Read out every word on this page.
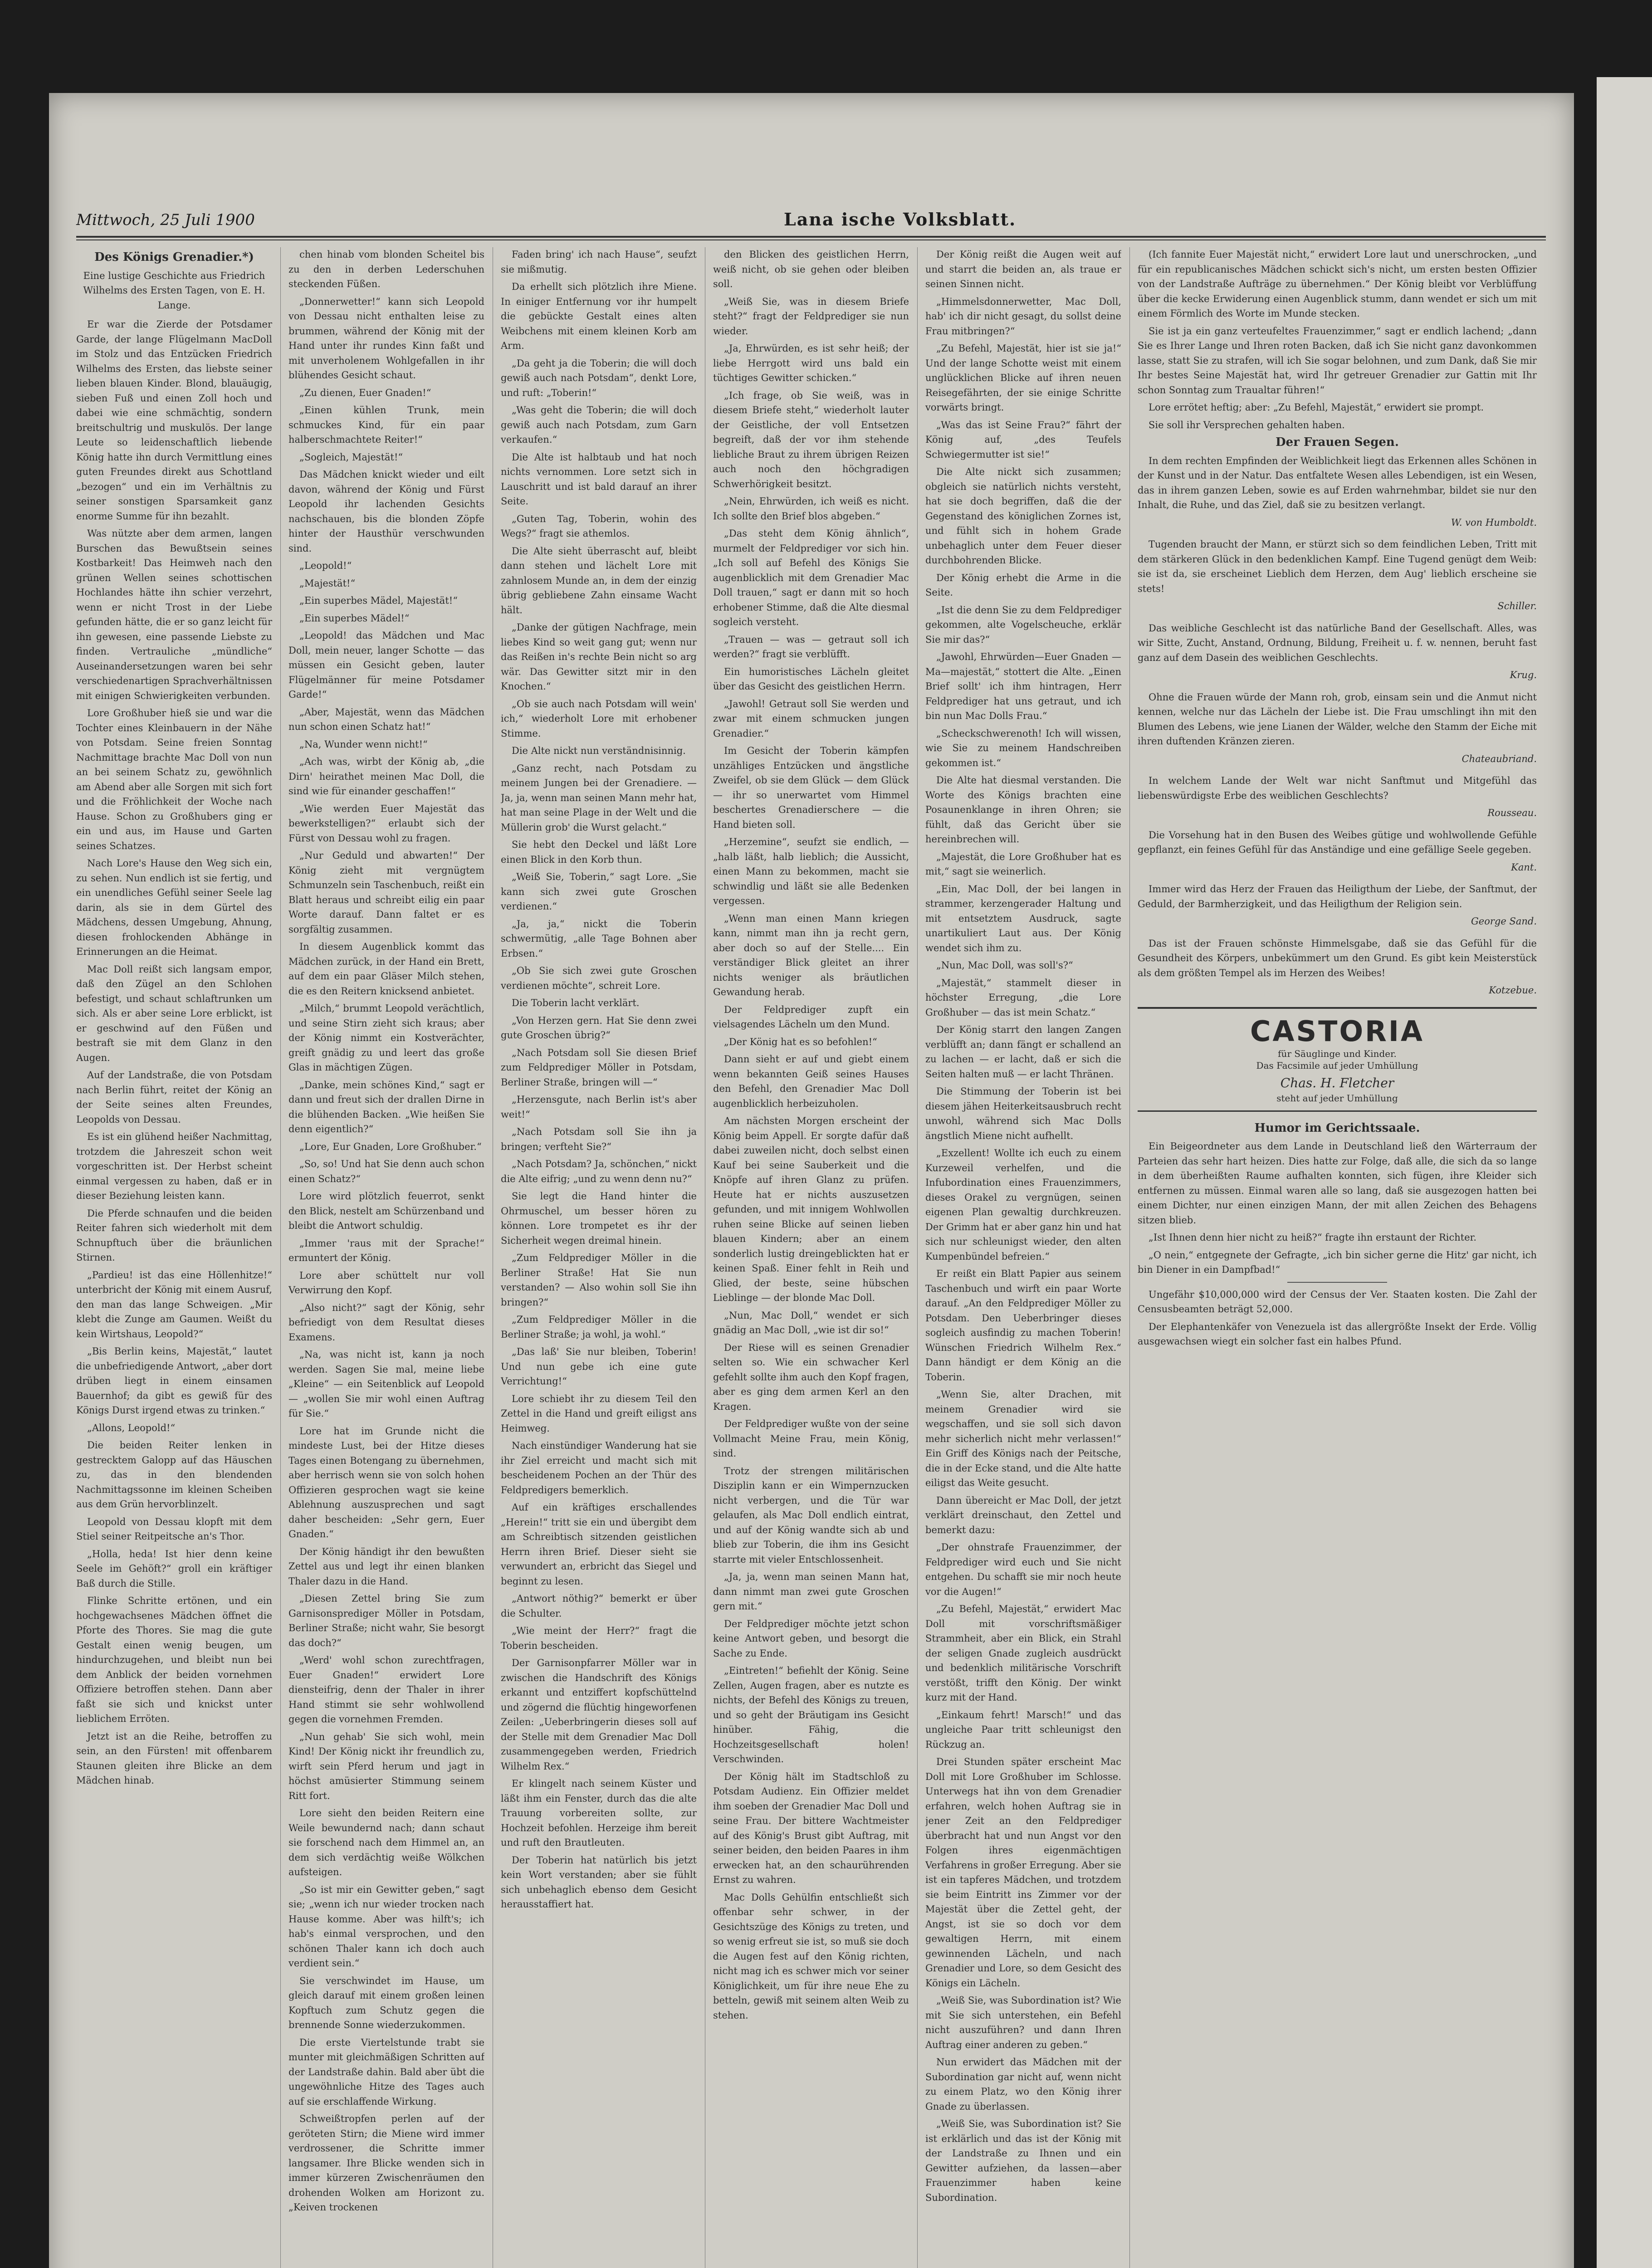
Mittwoch, 25 Juli 1900	Lana ische Volksblatt.
Des Königs Grenadier.*)

Eine lustige Geschichte aus Friedrich Wilhelms des Ersten Tagen, von E. H. Lange.

Er war die Zierde der Potsdamer Garde, der lange Flügelmann MacDoll im Stolz und das Entzücken Friedrich Wilhelms des Ersten, das liebste seiner lieben blauen Kinder. Blond, blauäugig, sieben Fuß und einen Zoll hoch und dabei wie eine schmächtig, sondern breitschultrig und muskulös. Der lange Leute so leidenschaftlich liebende König hatte ihn durch Vermittlung eines guten Freundes direkt aus Schottland „bezogen“ und ein im Verhältnis zu seiner sonstigen Sparsamkeit ganz enorme Summe für ihn bezahlt.

Was nützte aber dem armen, langen Burschen das Bewußtsein seines Kostbarkeit! Das Heimweh nach den grünen Wellen seines schottischen Hochlandes hätte ihn schier verzehrt, wenn er nicht Trost in der Liebe gefunden hätte, die er so ganz leicht für ihn gewesen, eine passende Liebste zu finden. Vertrauliche „mündliche“ Auseinandersetzungen waren bei sehr verschiedenartigen Sprachverhältnissen mit einigen Schwierigkeiten verbunden.

Lore Großhuber hieß sie und war die Tochter eines Kleinbauern in der Nähe von Potsdam. Seine freien Sonntag Nachmittage brachte Mac Doll von nun an bei seinem Schatz zu, gewöhnlich am Abend aber alle Sorgen mit sich fort und die Fröhlichkeit der Woche nach Hause. Schon zu Großhubers ging er ein und aus, im Hause und Garten seines Schatzes.

Nach Lore's Hause den Weg sich ein, zu sehen. Nun endlich ist sie fertig, und ein unendliches Gefühl seiner Seele lag darin, als sie in dem Gürtel des Mädchens, dessen Umgebung, Ahnung, diesen frohlockenden Abhänge in Erinnerungen an die Heimat.

Mac Doll reißt sich langsam empor, daß den Zügel an den Schlohen befestigt, und schaut schlaftrunken um sich. Als er aber seine Lore erblickt, ist er geschwind auf den Füßen und bestraft sie mit dem Glanz in den Augen.

Auf der Landstraße, die von Potsdam nach Berlin führt, reitet der König an der Seite seines alten Freundes, Leopolds von Dessau.

Es ist ein glühend heißer Nachmittag, trotzdem die Jahreszeit schon weit vorgeschritten ist. Der Herbst scheint einmal vergessen zu haben, daß er in dieser Beziehung leisten kann.

Die Pferde schnaufen und die beiden Reiter fahren sich wiederholt mit dem Schnupftuch über die bräunlichen Stirnen.

„Pardieu! ist das eine Höllenhitze!“ unterbricht der König mit einem Ausruf, den man das lange Schweigen. „Mir klebt die Zunge am Gaumen. Weißt du kein Wirtshaus, Leopold?“

„Bis Berlin keins, Majestät,“ lautet die unbefriedigende Antwort, „aber dort drüben liegt in einem einsamen Bauernhof; da gibt es gewiß für des Königs Durst irgend etwas zu trinken.“

„Allons, Leopold!“

Die beiden Reiter lenken in gestrecktem Galopp auf das Häuschen zu, das in den blendenden Nachmittagssonne im kleinen Scheiben aus dem Grün hervorblinzelt.

Leopold von Dessau klopft mit dem Stiel seiner Reitpeitsche an's Thor.

„Holla, heda! Ist hier denn keine Seele im Gehöft?“ groll ein kräftiger Baß durch die Stille.

Flinke Schritte ertönen, und ein hochgewachsenes Mädchen öffnet die Pforte des Thores. Sie mag die gute Gestalt einen wenig beugen, um hindurchzugehen, und bleibt nun bei dem Anblick der beiden vornehmen Offiziere betroffen stehen. Dann aber faßt sie sich und knickst unter lieblichem Erröten.

Jetzt ist an die Reihe, betroffen zu sein, an den Fürsten! mit offenbarem Staunen gleiten ihre Blicke an dem Mädchen hinab.

chen hinab vom blonden Scheitel bis zu den in derben Lederschuhen steckenden Füßen.

„Donnerwetter!“ kann sich Leopold von Dessau nicht enthalten leise zu brummen, während der König mit der Hand unter ihr rundes Kinn faßt und mit unverholenem Wohlgefallen in ihr blühendes Gesicht schaut.

„Zu dienen, Euer Gnaden!“

„Einen kühlen Trunk, mein schmuckes Kind, für ein paar halberschmachtete Reiter!“

„Sogleich, Majestät!“

Das Mädchen knickt wieder und eilt davon, während der König und Fürst Leopold ihr lachenden Gesichts nachschauen, bis die blonden Zöpfe hinter der Hausthür verschwunden sind.

„Leopold!“

„Majestät!“

„Ein superbes Mädel, Majestät!“

„Ein superbes Mädel!“

„Leopold! das Mädchen und Mac Doll, mein neuer, langer Schotte — das müssen ein Gesicht geben, lauter Flügelmänner für meine Potsdamer Garde!“

„Aber, Majestät, wenn das Mädchen nun schon einen Schatz hat!“

„Na, Wunder wenn nicht!“

„Ach was, wirbt der König ab, „die Dirn' heirathet meinen Mac Doll, die sind wie für einander geschaffen!“

„Wie werden Euer Majestät das bewerkstelligen?“ erlaubt sich der Fürst von Dessau wohl zu fragen.

„Nur Geduld und abwarten!“ Der König zieht mit vergnügtem Schmunzeln sein Taschenbuch, reißt ein Blatt heraus und schreibt eilig ein paar Worte darauf. Dann faltet er es sorgfältig zusammen.

In diesem Augenblick kommt das Mädchen zurück, in der Hand ein Brett, auf dem ein paar Gläser Milch stehen, die es den Reitern knicksend anbietet.

„Milch,“ brummt Leopold verächtlich, und seine Stirn zieht sich kraus; aber der König nimmt ein Kostverächter, greift gnädig zu und leert das große Glas in mächtigen Zügen.

„Danke, mein schönes Kind,“ sagt er dann und freut sich der drallen Dirne in die blühenden Backen. „Wie heißen Sie denn eigentlich?“

„Lore, Eur Gnaden, Lore Großhuber.“

„So, so! Und hat Sie denn auch schon einen Schatz?“

Lore wird plötzlich feuerrot, senkt den Blick, nestelt am Schürzenband und bleibt die Antwort schuldig.

„Immer 'raus mit der Sprache!“ ermuntert der König.

Lore aber schüttelt nur voll Verwirrung den Kopf.

„Also nicht?“ sagt der König, sehr befriedigt von dem Resultat dieses Examens.

„Na, was nicht ist, kann ja noch werden. Sagen Sie mal, meine liebe „Kleine“ — ein Seitenblick auf Leopold — „wollen Sie mir wohl einen Auftrag für Sie.“

Lore hat im Grunde nicht die mindeste Lust, bei der Hitze dieses Tages einen Botengang zu übernehmen, aber herrisch wenn sie von solch hohen Offizieren gesprochen wagt sie keine Ablehnung auszusprechen und sagt daher bescheiden: „Sehr gern, Euer Gnaden.“

Der König händigt ihr den bewußten Zettel aus und legt ihr einen blanken Thaler dazu in die Hand.

„Diesen Zettel bring Sie zum Garnisonsprediger Möller in Potsdam, Berliner Straße; nicht wahr, Sie besorgt das doch?“

„Werd' wohl schon zurechtfragen, Euer Gnaden!“ erwidert Lore diensteifrig, denn der Thaler in ihrer Hand stimmt sie sehr wohlwollend gegen die vornehmen Fremden.

„Nun gehab' Sie sich wohl, mein Kind! Der König nickt ihr freundlich zu, wirft sein Pferd herum und jagt in höchst amüsierter Stimmung seinem Ritt fort.

Lore sieht den beiden Reitern eine Weile bewundernd nach; dann schaut sie forschend nach dem Himmel an, an dem sich verdächtig weiße Wölkchen aufsteigen.

„So ist mir ein Gewitter geben,“ sagt sie; „wenn ich nur wieder trocken nach Hause komme. Aber was hilft's; ich hab's einmal versprochen, und den schönen Thaler kann ich doch auch verdient sein.“

Sie verschwindet im Hause, um gleich darauf mit einem großen leinen Kopftuch zum Schutz gegen die brennende Sonne wiederzukommen.

Die erste Viertelstunde trabt sie munter mit gleichmäßigen Schritten auf der Landstraße dahin. Bald aber übt die ungewöhnliche Hitze des Tages auch auf sie erschlaffende Wirkung.

Schweißtropfen perlen auf der geröteten Stirn; die Miene wird immer verdrossener, die Schritte immer langsamer. Ihre Blicke wenden sich in immer kürzeren Zwischenräumen den drohenden Wolken am Horizont zu. „Keiven trockenen

Faden bring' ich nach Hause“, seufzt sie mißmutig.

Da erhellt sich plötzlich ihre Miene. In einiger Entfernung vor ihr humpelt die gebückte Gestalt eines alten Weibchens mit einem kleinen Korb am Arm.

„Da geht ja die Toberin; die will doch gewiß auch nach Potsdam“, denkt Lore, und ruft: „Toberin!“

„Was geht die Toberin; die will doch gewiß auch nach Potsdam, zum Garn verkaufen.“

Die Alte ist halbtaub und hat noch nichts vernommen. Lore setzt sich in Lauschritt und ist bald darauf an ihrer Seite.

„Guten Tag, Toberin, wohin des Wegs?“ fragt sie athemlos.

Die Alte sieht überrascht auf, bleibt dann stehen und lächelt Lore mit zahnlosem Munde an, in dem der einzig übrig gebliebene Zahn einsame Wacht hält.

„Danke der gütigen Nachfrage, mein liebes Kind so weit gang gut; wenn nur das Reißen in's rechte Bein nicht so arg wär. Das Gewitter sitzt mir in den Knochen.“

„Ob sie auch nach Potsdam will wein' ich,“ wiederholt Lore mit erhobener Stimme.

Die Alte nickt nun verständnisinnig.

„Ganz recht, nach Potsdam zu meinem Jungen bei der Grenadiere. — Ja, ja, wenn man seinen Mann mehr hat, hat man seine Plage in der Welt und die Müllerin grob' die Wurst gelacht.“

Sie hebt den Deckel und läßt Lore einen Blick in den Korb thun.

„Weiß Sie, Toberin,“ sagt Lore. „Sie kann sich zwei gute Groschen verdienen.“

„Ja, ja,“ nickt die Toberin schwermütig, „alle Tage Bohnen aber Erbsen.“

„Ob Sie sich zwei gute Groschen verdienen möchte“, schreit Lore.

Die Toberin lacht verklärt.

„Von Herzen gern. Hat Sie denn zwei gute Groschen übrig?“

„Nach Potsdam soll Sie diesen Brief zum Feldprediger Möller in Potsdam, Berliner Straße, bringen will —“

„Herzensgute, nach Berlin ist's aber weit!“

„Nach Potsdam soll Sie ihn ja bringen; verfteht Sie?“

„Nach Potsdam? Ja, schönchen,“ nickt die Alte eifrig; „und zu wenn denn nu?“

Sie legt die Hand hinter die Ohrmuschel, um besser hören zu können. Lore trompetet es ihr der Sicherheit wegen dreimal hinein.

„Zum Feldprediger Möller in die Berliner Straße! Hat Sie nun verstanden? — Also wohin soll Sie ihn bringen?“

„Zum Feldprediger Möller in die Berliner Straße; ja wohl, ja wohl.“

„Das laß' Sie nur bleiben, Toberin! Und nun gebe ich eine gute Verrichtung!“

Lore schiebt ihr zu diesem Teil den Zettel in die Hand und greift eiligst ans Heimweg.

Nach einstündiger Wanderung hat sie ihr Ziel erreicht und macht sich mit bescheidenem Pochen an der Thür des Feldpredigers bemerklich.

Auf ein kräftiges erschallendes „Herein!“ tritt sie ein und übergibt dem am Schreibtisch sitzenden geistlichen Herrn ihren Brief. Dieser sieht sie verwundert an, erbricht das Siegel und beginnt zu lesen.

„Antwort nöthig?“ bemerkt er über die Schulter.

„Wie meint der Herr?“ fragt die Toberin bescheiden.

Der Garnisonpfarrer Möller war in zwischen die Handschrift des Königs erkannt und entziffert kopfschüttelnd und zögernd die flüchtig hingeworfenen Zeilen: „Ueberbringerin dieses soll auf der Stelle mit dem Grenadier Mac Doll zusammengegeben werden, Friedrich Wilhelm Rex.“

Er klingelt nach seinem Küster und läßt ihm ein Fenster, durch das die alte Trauung vorbereiten sollte, zur Hochzeit befohlen. Herzeige ihm bereit und ruft den Brautleuten.

Der Toberin hat natürlich bis jetzt kein Wort verstanden; aber sie fühlt sich unbehaglich ebenso dem Gesicht herausstaffiert hat.

den Blicken des geistlichen Herrn, weiß nicht, ob sie gehen oder bleiben soll.

„Weiß Sie, was in diesem Briefe steht?“ fragt der Feldprediger sie nun wieder.

„Ja, Ehrwürden, es ist sehr heiß; der liebe Herrgott wird uns bald ein tüchtiges Gewitter schicken.“

„Ich frage, ob Sie weiß, was in diesem Briefe steht,“ wiederholt lauter der Geistliche, der voll Entsetzen begreift, daß der vor ihm stehende liebliche Braut zu ihrem übrigen Reizen auch noch den höchgradigen Schwerhörigkeit besitzt.

„Nein, Ehrwürden, ich weiß es nicht. Ich sollte den Brief blos abgeben.“

„Das steht dem König ähnlich“, murmelt der Feldprediger vor sich hin. „Ich soll auf Befehl des Königs Sie augenblicklich mit dem Grenadier Mac Doll trauen,“ sagt er dann mit so hoch erhobener Stimme, daß die Alte diesmal sogleich versteht.

„Trauen — was — getraut soll ich werden?“ fragt sie verblüfft.

Ein humoristisches Lächeln gleitet über das Gesicht des geistlichen Herrn.

„Jawohl! Getraut soll Sie werden und zwar mit einem schmucken jungen Grenadier.“

Im Gesicht der Toberin kämpfen unzähliges Entzücken und ängstliche Zweifel, ob sie dem Glück — dem Glück — ihr so unerwartet vom Himmel beschertes Grenadierschere — die Hand bieten soll.

„Herzemine“, seufzt sie endlich, — „halb läßt, halb lieblich; die Aussicht, einen Mann zu bekommen, macht sie schwindlig und läßt sie alle Bedenken vergessen.

„Wenn man einen Mann kriegen kann, nimmt man ihn ja recht gern, aber doch so auf der Stelle.... Ein verständiger Blick gleitet an ihrer nichts weniger als bräutlichen Gewandung herab.

Der Feldprediger zupft ein vielsagendes Lächeln um den Mund.

„Der König hat es so befohlen!“

Dann sieht er auf und giebt einem wenn bekannten Geiß seines Hauses den Befehl, den Grenadier Mac Doll augenblicklich herbeizuholen.

Am nächsten Morgen erscheint der König beim Appell. Er sorgte dafür daß dabei zuweilen nicht, doch selbst einen Kauf bei seine Sauberkeit und die Knöpfe auf ihren Glanz zu prüfen. Heute hat er nichts auszusetzen gefunden, und mit innigem Wohlwollen ruhen seine Blicke auf seinen lieben blauen Kindern; aber an einem sonderlich lustig dreingeblickten hat er keinen Spaß. Einer fehlt in Reih und Glied, der beste, seine hübschen Lieblinge — der blonde Mac Doll.

„Nun, Mac Doll,“ wendet er sich gnädig an Mac Doll, „wie ist dir so!“

Der Riese will es seinen Grenadier selten so. Wie ein schwacher Kerl gefehlt sollte ihm auch den Kopf fragen, aber es ging dem armen Kerl an den Kragen.

Der Feldprediger wußte von der seine Vollmacht Meine Frau, mein König, sind.

Trotz der strengen militärischen Disziplin kann er ein Wimpernzucken nicht verbergen, und die Tür war gelaufen, als Mac Doll endlich eintrat, und auf der König wandte sich ab und blieb zur Toberin, die ihm ins Gesicht starrte mit vieler Entschlossenheit.

„Ja, ja, wenn man seinen Mann hat, dann nimmt man zwei gute Groschen gern mit.“

Der Feldprediger möchte jetzt schon keine Antwort geben, und besorgt die Sache zu Ende.

„Eintreten!“ befiehlt der König. Seine Zellen, Augen fragen, aber es nutzte es nichts, der Befehl des Königs zu treuen, und so geht der Bräutigam ins Gesicht hinüber. Fähig, die Hochzeitsgesellschaft holen! Verschwinden.

Der König hält im Stadtschloß zu Potsdam Audienz. Ein Offizier meldet ihm soeben der Grenadier Mac Doll und seine Frau. Der bittere Wachtmeister auf des König's Brust gibt Auftrag, mit seiner beiden, den beiden Paares in ihm erwecken hat, an den schaurührenden Ernst zu wahren.

Mac Dolls Gehülfin entschließt sich offenbar sehr schwer, in der Gesichtszüge des Königs zu treten, und so wenig erfreut sie ist, so muß sie doch die Augen fest auf den König richten, nicht mag ich es schwer mich vor seiner Königlichkeit, um für ihre neue Ehe zu betteln, gewiß mit seinem alten Weib zu stehen.

Der König reißt die Augen weit auf und starrt die beiden an, als traue er seinen Sinnen nicht.

„Himmelsdonnerwetter, Mac Doll, hab' ich dir nicht gesagt, du sollst deine Frau mitbringen?“

„Zu Befehl, Majestät, hier ist sie ja!“ Und der lange Schotte weist mit einem unglücklichen Blicke auf ihren neuen Reisegefährten, der sie einige Schritte vorwärts bringt.

„Was das ist Seine Frau?“ fährt der König auf, „des Teufels Schwiegermutter ist sie!“

Die Alte nickt sich zusammen; obgleich sie natürlich nichts versteht, hat sie doch begriffen, daß die der Gegenstand des königlichen Zornes ist, und fühlt sich in hohem Grade unbehaglich unter dem Feuer dieser durchbohrenden Blicke.

Der König erhebt die Arme in die Seite.

„Ist die denn Sie zu dem Feldprediger gekommen, alte Vogelscheuche, erklär Sie mir das?“

„Jawohl, Ehrwürden—Euer Gnaden —Ma—majestät,“ stottert die Alte. „Einen Brief sollt' ich ihm hintragen, Herr Feldprediger hat uns getraut, und ich bin nun Mac Dolls Frau.“

„Scheckschwerenoth! Ich will wissen, wie Sie zu meinem Handschreiben gekommen ist.“

Die Alte hat diesmal verstanden. Die Worte des Königs brachten eine Posaunenklange in ihren Ohren; sie fühlt, daß das Gericht über sie hereinbrechen will.

„Majestät, die Lore Großhuber hat es mit,“ sagt sie weinerlich.

„Ein, Mac Doll, der bei langen in strammer, kerzengerader Haltung und mit entsetztem Ausdruck, sagte unartikuliert Laut aus. Der König wendet sich ihm zu.

„Nun, Mac Doll, was soll's?“

„Majestät,“ stammelt dieser in höchster Erregung, „die Lore Großhuber — das ist mein Schatz.“

Der König starrt den langen Zangen verblüfft an; dann fängt er schallend an zu lachen — er lacht, daß er sich die Seiten halten muß — er lacht Thränen.

Die Stimmung der Toberin ist bei diesem jähen Heiterkeitsausbruch recht unwohl, während sich Mac Dolls ängstlich Miene nicht aufhellt.

„Exzellent! Wollte ich euch zu einem Kurzeweil verhelfen, und die Infubordination eines Frauenzimmers, dieses Orakel zu vergnügen, seinen eigenen Plan gewaltig durchkreuzen. Der Grimm hat er aber ganz hin und hat sich nur schleunigst wieder, den alten Kumpenbündel befreien.“

Er reißt ein Blatt Papier aus seinem Taschenbuch und wirft ein paar Worte darauf. „An den Feldprediger Möller zu Potsdam. Den Ueberbringer dieses sogleich ausfindig zu machen Toberin! Wünschen Friedrich Wilhelm Rex.“ Dann händigt er dem König an die Toberin.

„Wenn Sie, alter Drachen, mit meinem Grenadier wird sie wegschaffen, und sie soll sich davon mehr sicherlich nicht mehr verlassen!“ Ein Griff des Königs nach der Peitsche, die in der Ecke stand, und die Alte hatte eiligst das Weite gesucht.

Dann übereicht er Mac Doll, der jetzt verklärt dreinschaut, den Zettel und bemerkt dazu:

„Der ohnstrafe Frauenzimmer, der Feldprediger wird euch und Sie nicht entgehen. Du schafft sie mir noch heute vor die Augen!“

„Zu Befehl, Majestät,“ erwidert Mac Doll mit vorschriftsmäßiger Strammheit, aber ein Blick, ein Strahl der seligen Gnade zugleich ausdrückt und bedenklich militärische Vorschrift verstößt, trifft den König. Der winkt kurz mit der Hand.

„Einkaum fehrt! Marsch!“ und das ungleiche Paar tritt schleunigst den Rückzug an.

Drei Stunden später erscheint Mac Doll mit Lore Großhuber im Schlosse. Unterwegs hat ihn von dem Grenadier erfahren, welch hohen Auftrag sie in jener Zeit an den Feldprediger überbracht hat und nun Angst vor den Folgen ihres eigenmächtigen Verfahrens in großer Erregung. Aber sie ist ein tapferes Mädchen, und trotzdem sie beim Eintritt ins Zimmer vor der Majestät über die Zettel geht, der Angst, ist sie so doch vor dem gewaltigen Herrn, mit einem gewinnenden Lächeln, und nach Grenadier und Lore, so dem Gesicht des Königs ein Lächeln.

„Weiß Sie, was Subordination ist? Wie mit Sie sich unterstehen, ein Befehl nicht auszuführen? und dann Ihren Auftrag einer anderen zu geben.“

Nun erwidert das Mädchen mit der Subordination gar nicht auf, wenn nicht zu einem Platz, wo den König ihrer Gnade zu überlassen.

„Weiß Sie, was Subordination ist? Sie ist erklärlich und das ist der König mit der Landstraße zu Ihnen und ein Gewitter aufziehen, da lassen—aber Frauenzimmer haben keine Subordination.

(Ich fannite Euer Majestät nicht,“ erwidert Lore laut und unerschrocken, „und für ein republicanisches Mädchen schickt sich's nicht, um ersten besten Offizier von der Landstraße Aufträge zu übernehmen.“ Der König bleibt vor Verblüffung über die kecke Erwiderung einen Augenblick stumm, dann wendet er sich um mit einem Förmlich des Worte im Munde stecken.

Sie ist ja ein ganz verteufeltes Frauenzimmer,“ sagt er endlich lachend; „dann Sie es Ihrer Lange und Ihren roten Backen, daß ich Sie nicht ganz davonkommen lasse, statt Sie zu strafen, will ich Sie sogar belohnen, und zum Dank, daß Sie mir Ihr bestes Seine Majestät hat, wird Ihr getreuer Grenadier zur Gattin mit Ihr schon Sonntag zum Traualtar führen!“

Lore errötet heftig; aber: „Zu Befehl, Majestät,“ erwidert sie prompt.

Sie soll ihr Versprechen gehalten haben.

Der Frauen Segen.

In dem rechten Empfinden der Weiblichkeit liegt das Erkennen alles Schönen in der Kunst und in der Natur. Das entfaltete Wesen alles Lebendigen, ist ein Wesen, das in ihrem ganzen Leben, sowie es auf Erden wahrnehmbar, bildet sie nur den Inhalt, die Ruhe, und das Ziel, daß sie zu besitzen verlangt.

W. von Humboldt.

Tugenden braucht der Mann, er stürzt sich so dem feindlichen Leben, Tritt mit dem stärkeren Glück in den bedenklichen Kampf. Eine Tugend genügt dem Weib: sie ist da, sie erscheinet Lieblich dem Herzen, dem Aug' lieblich erscheine sie stets!

Schiller.

Das weibliche Geschlecht ist das natürliche Band der Gesellschaft. Alles, was wir Sitte, Zucht, Anstand, Ordnung, Bildung, Freiheit u. f. w. nennen, beruht fast ganz auf dem Dasein des weiblichen Geschlechts.

Krug.

Ohne die Frauen würde der Mann roh, grob, einsam sein und die Anmut nicht kennen, welche nur das Lächeln der Liebe ist. Die Frau umschlingt ihn mit den Blumen des Lebens, wie jene Lianen der Wälder, welche den Stamm der Eiche mit ihren duftenden Kränzen zieren.

Chateaubriand.

In welchem Lande der Welt war nicht Sanftmut und Mitgefühl das liebenswürdigste Erbe des weiblichen Geschlechts?

Rousseau.

Die Vorsehung hat in den Busen des Weibes gütige und wohlwollende Gefühle gepflanzt, ein feines Gefühl für das Anständige und eine gefällige Seele gegeben.

Kant.

Immer wird das Herz der Frauen das Heiligthum der Liebe, der Sanftmut, der Geduld, der Barmherzigkeit, und das Heiligthum der Religion sein.

George Sand.

Das ist der Frauen schönste Himmelsgabe, daß sie das Gefühl für die Gesundheit des Körpers, unbekümmert um den Grund. Es gibt kein Meisterstück als dem größten Tempel als im Herzen des Weibes!

Kotzebue.

CASTORIA
für Säuglinge und Kinder.
Das Facsimile auf jeder Umhüllung
Chas. H. Fletcher
steht auf jeder Umhüllung
Humor im Gerichtssaale.

Ein Beigeordneter aus dem Lande in Deutschland ließ den Wärterraum der Parteien das sehr hart heizen. Dies hatte zur Folge, daß alle, die sich da so lange in dem überheißten Raume aufhalten konnten, sich fügen, ihre Kleider sich entfernen zu müssen. Einmal waren alle so lang, daß sie ausgezogen hatten bei einem Dichter, nur einen einzigen Mann, der mit allen Zeichen des Behagens sitzen blieb.

„Ist Ihnen denn hier nicht zu heiß?“ fragte ihn erstaunt der Richter.

„O nein,“ entgegnete der Gefragte, „ich bin sicher gerne die Hitz' gar nicht, ich bin Diener in ein Dampfbad!“

Ungefähr $10,000,000 wird der Census der Ver. Staaten kosten. Die Zahl der Censusbeamten beträgt 52,000.

Der Elephantenkäfer von Venezuela ist das allergrößte Insekt der Erde. Völlig ausgewachsen wiegt ein solcher fast ein halbes Pfund.
